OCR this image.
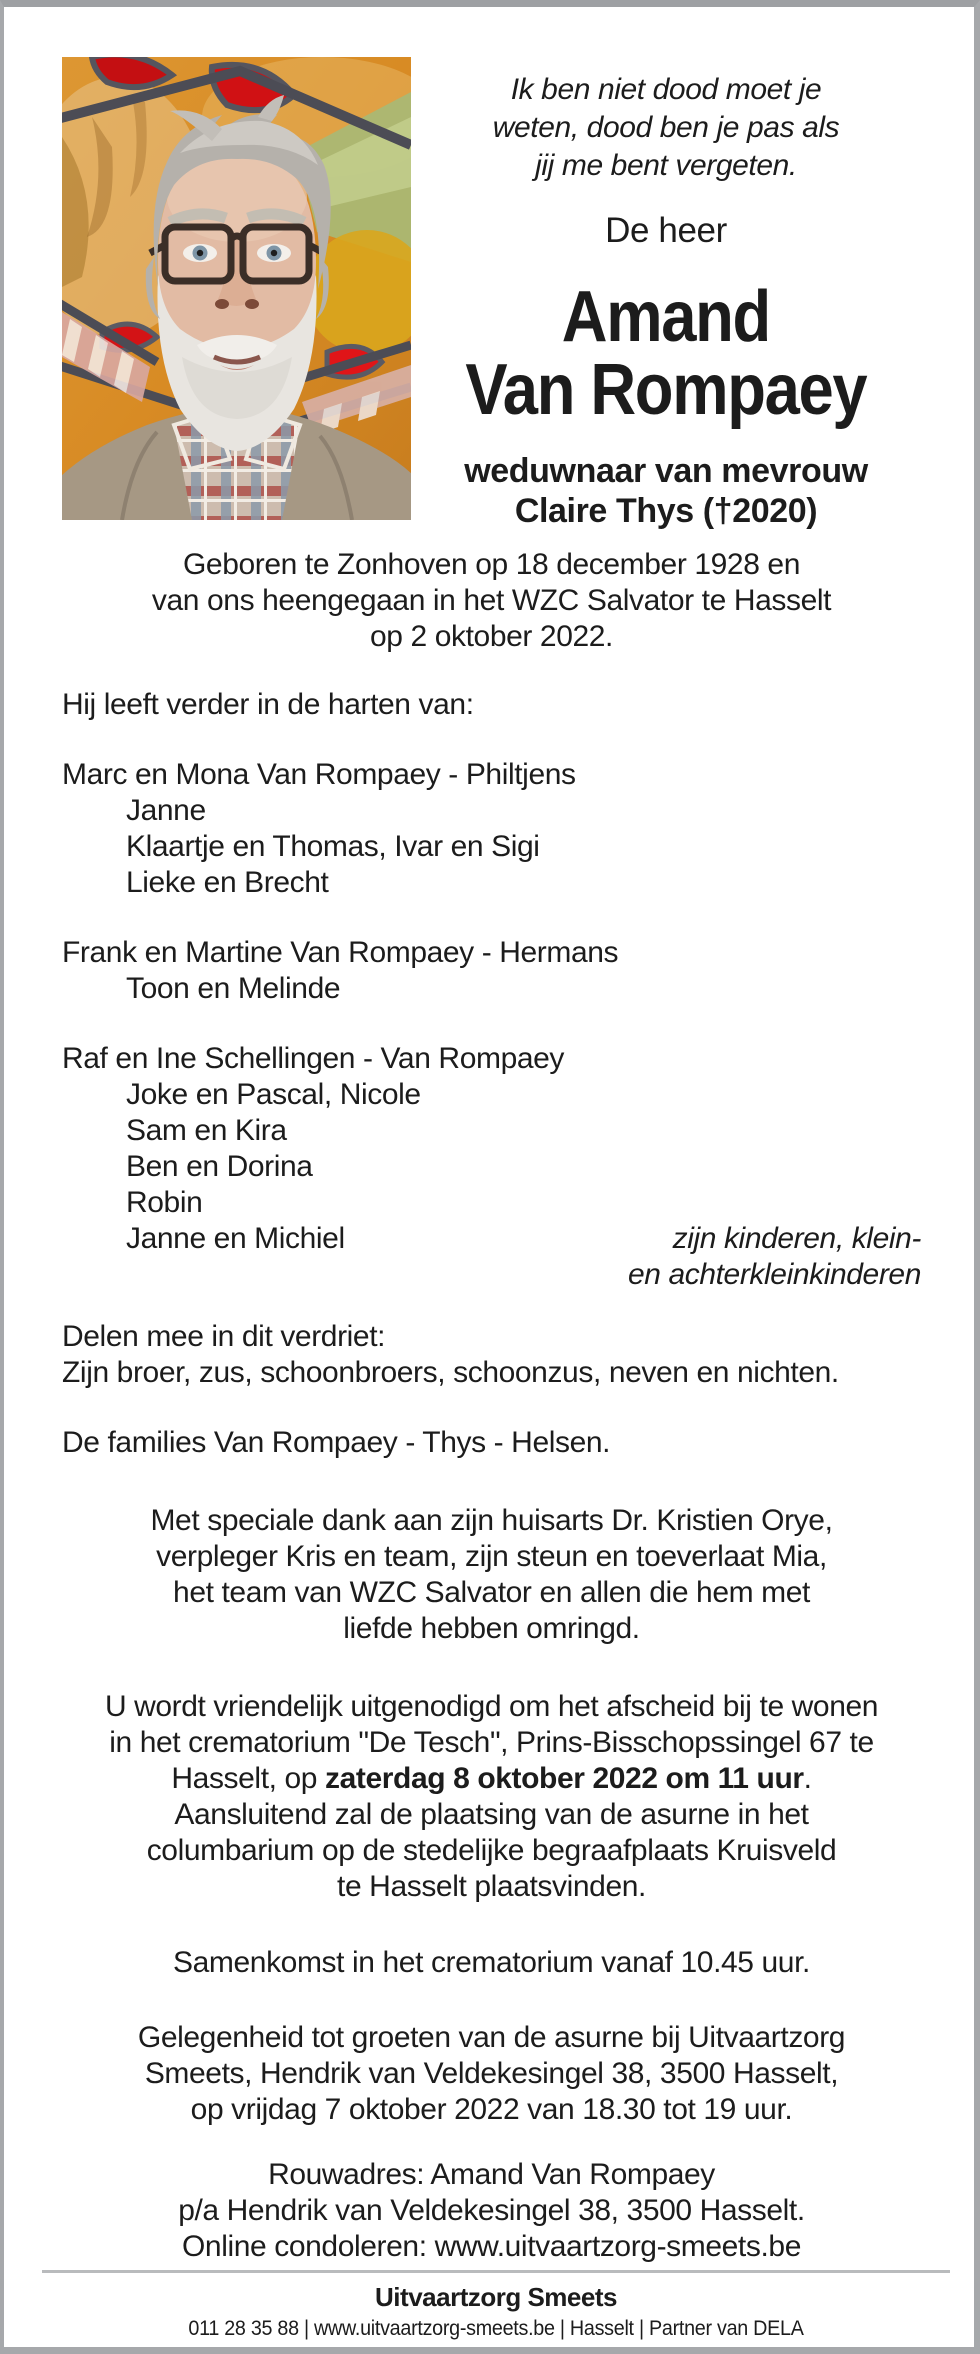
Ik ben niet dood moet je
weten, dood ben je pas als
jij me bent vergeten.
De heer
Amand
Van Rompaey
weduwnaar van mevrouw
Claire Thys (†2020)
Geboren te Zonhoven op 18 december 1928 en
van ons heengegaan in het WZC Salvator te Hasselt
op 2 oktober 2022.
Hij leeft verder in de harten van:
Marc en Mona Van Rompaey - Philtjens
Janne
Klaartje en Thomas, Ivar en Sigi
Lieke en Brecht
Frank en Martine Van Rompaey - Hermans
Toon en Melinde
Raf en Ine Schellingen - Van Rompaey
Joke en Pascal, Nicole
Sam en Kira
Ben en Dorina
Robin
Janne en Michiel	zijn kinderen, klein-
en achterkleinkinderen
Delen mee in dit verdriet:
Zijn broer, zus, schoonbroers, schoonzus, neven en nichten.
De families Van Rompaey - Thys - Helsen.
Met speciale dank aan zijn huisarts Dr. Kristien Orye,
verpleger Kris en team, zijn steun en toeverlaat Mia,
het team van WZC Salvator en allen die hem met
liefde hebben omringd.
U wordt vriendelijk uitgenodigd om het afscheid bij te wonen
in het crematorium "De Tesch", Prins-Bisschopssingel 67 te
Hasselt, op zaterdag 8 oktober 2022 om 11 uur.
Aansluitend zal de plaatsing van de asurne in het
columbarium op de stedelijke begraafplaats Kruisveld
te Hasselt plaatsvinden.
Samenkomst in het crematorium vanaf 10.45 uur.
Gelegenheid tot groeten van de asurne bij Uitvaartzorg
Smeets, Hendrik van Veldekesingel 38, 3500 Hasselt,
op vrijdag 7 oktober 2022 van 18.30 tot 19 uur.
Rouwadres: Amand Van Rompaey
p/a Hendrik van Veldekesingel 38, 3500 Hasselt.
Online condoleren: www.uitvaartzorg-smeets.be
Uitvaartzorg Smeets
011 28 35 88 | www.uitvaartzorg-smeets.be | Hasselt | Partner van DELA
